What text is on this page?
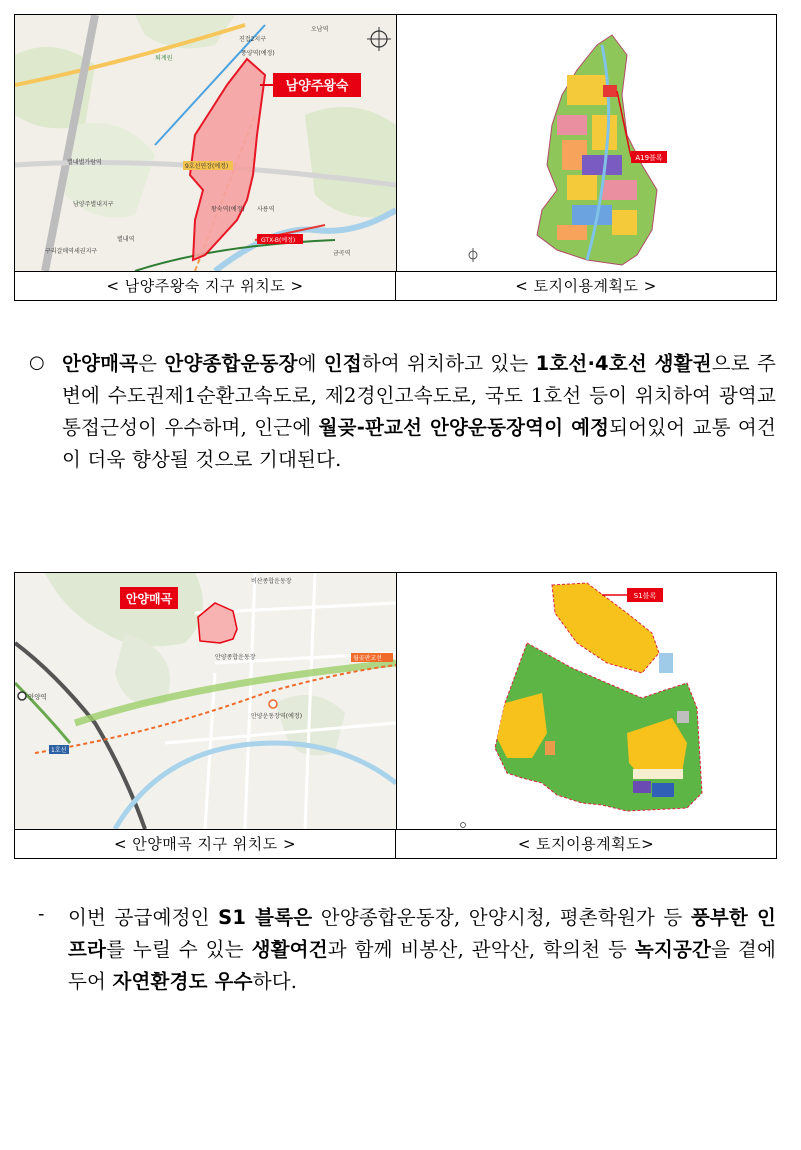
남양주왕숙
퇴계원
오남역
별내별가람역
진접2지구
풍양역(예정)
왕숙역(예정)
GTX-B(예정)
금곡역
별내역
남양주별내지구
구리갈매역세권지구
9호선연장(예정)
사릉역
A19블록
< 남양주왕숙 지구 위치도 >	< 토지이용계획도 >
○ 안양매곡은 안양종합운동장에 인접하여 위치하고 있는 1호선·4호선 생활권으로 주변에 수도권제1순환고속도로, 제2경인고속도로, 국도 1호선 등이 위치하여 광역교통접근성이 우수하며, 인근에 월곶-판교선 안양운동장역이 예정되어있어 교통 여건이 더욱 향상될 것으로 기대된다.

안양매곡
안양역
안양운동장역(예정)
월곶판교선
1호선
비산종합운동장
안양종합운동장
S1블록
< 안양매곡 지구 위치도 >	< 토지이용계획도>
- 이번 공급예정인 S1 블록은 안양종합운동장, 안양시청, 평촌학원가 등 풍부한 인프라를 누릴 수 있는 생활여건과 함께 비봉산, 관악산, 학의천 등 녹지공간을 곁에 두어 자연환경도 우수하다.
